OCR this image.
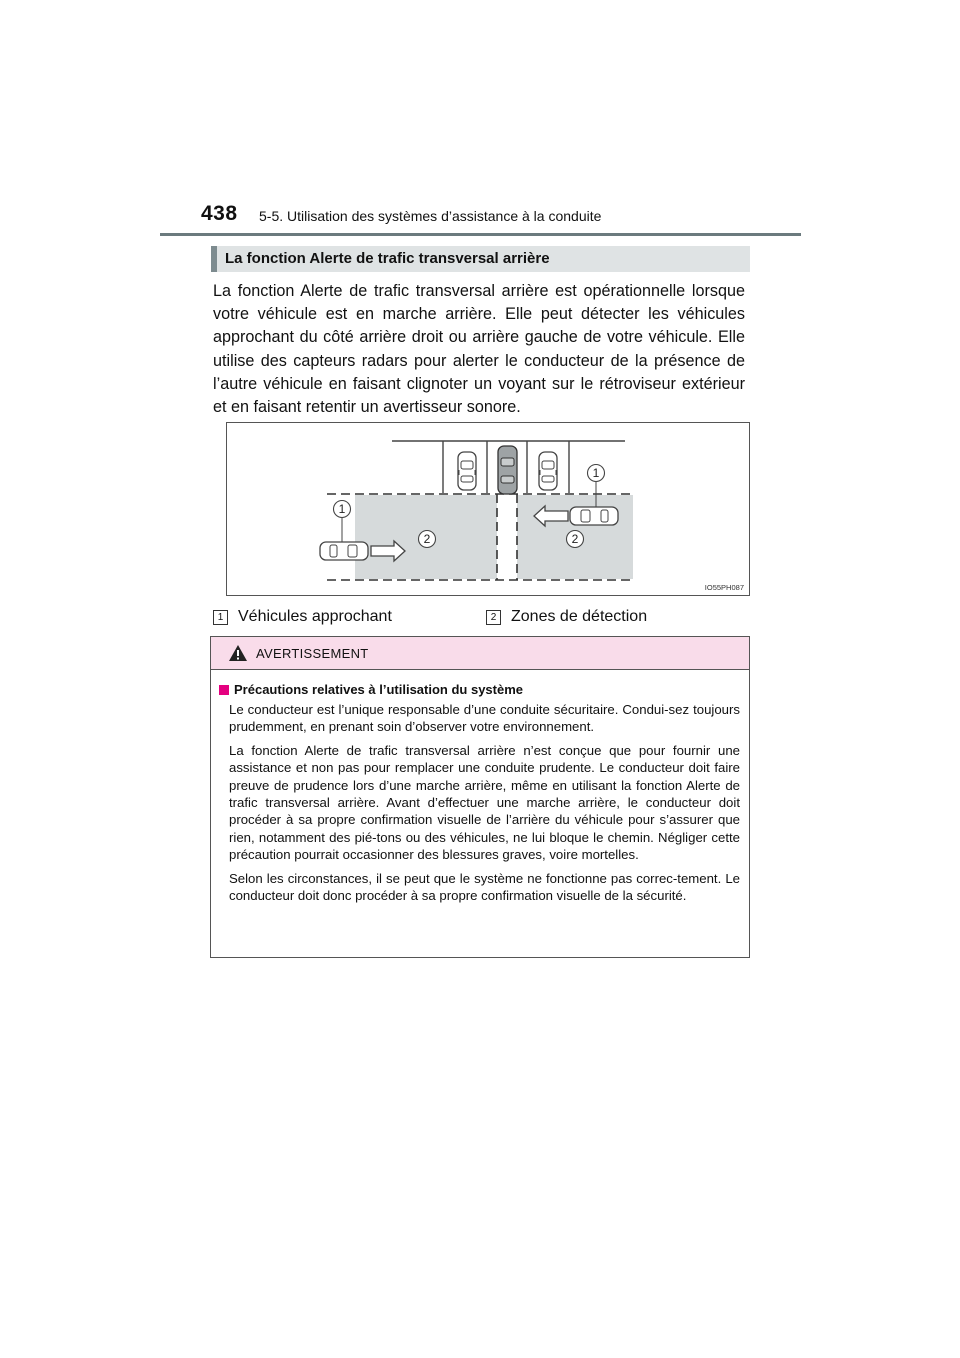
438 5-5. Utilisation des systèmes d’assistance à la conduite
La fonction Alerte de trafic transversal arrière
La fonction Alerte de trafic transversal arrière est opérationnelle lorsque votre véhicule est en marche arrière. Elle peut détecter les véhicules approchant du côté arrière droit ou arrière gauche de votre véhicule. Elle utilise des capteurs radars pour alerter le conducteur de la présence de l’autre véhicule en faisant clignoter un voyant sur le rétroviseur extérieur et en faisant retentir un avertisseur sonore.
1
1
2	2
IO55PH087
1 Véhicules approchant	2 Zones de détection
AVERTISSEMENT
Précautions relatives à l’utilisation du système

Le conducteur est l’unique responsable d’une conduite sécuritaire. Condui-sez toujours prudemment, en prenant soin d’observer votre environnement.

La fonction Alerte de trafic transversal arrière n’est conçue que pour fournir une assistance et non pas pour remplacer une conduite prudente. Le conducteur doit faire preuve de prudence lors d’une marche arrière, même en utilisant la fonction Alerte de trafic transversal arrière. Avant d’effectuer une marche arrière, le conducteur doit procéder à sa propre confirmation visuelle de l’arrière du véhicule pour s’assurer que rien, notamment des pié-tons ou des véhicules, ne lui bloque le chemin. Négliger cette précaution pourrait occasionner des blessures graves, voire mortelles.

Selon les circonstances, il se peut que le système ne fonctionne pas correc-tement. Le conducteur doit donc procéder à sa propre confirmation visuelle de la sécurité.
